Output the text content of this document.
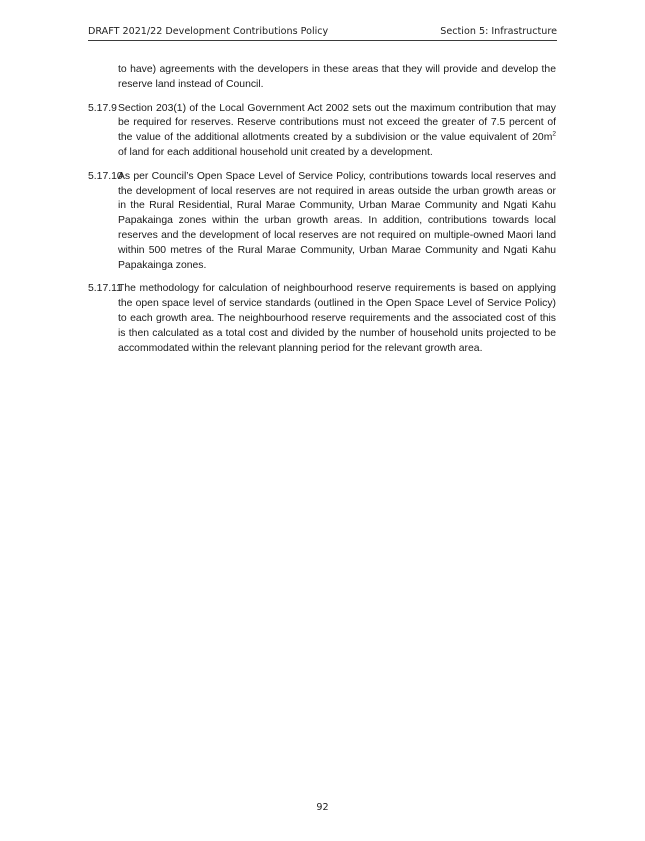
DRAFT 2021/22 Development Contributions Policy	Section 5: Infrastructure

to have) agreements with the developers in these areas that they will provide and develop the reserve land instead of Council.

5.17.9 Section 203(1) of the Local Government Act 2002 sets out the maximum contribution that may be required for reserves. Reserve contributions must not exceed the greater of 7.5 percent of the value of the additional allotments created by a subdivision or the value equivalent of $20m^2$ of land for each additional household unit created by a development.
5.17.10
As per Council’s Open Space Level of Service Policy, contributions towards local reserves and the development of local reserves are not required in areas outside the urban growth areas or in the Rural Residential, Rural Marae Community, Urban Marae Community and Ngati Kahu Papakainga zones within the urban growth areas. In addition, contributions towards local reserves and the development of local reserves are not required on multiple-owned Maori land within 500 metres of the Rural Marae Community, Urban Marae Community and Ngati Kahu Papakainga zones.
5.17.11
The methodology for calculation of neighbourhood reserve requirements is based on applying the open space level of service standards (outlined in the Open Space Level of Service Policy) to each growth area. The neighbourhood reserve requirements and the associated cost of this is then calculated as a total cost and divided by the number of household units projected to be accommodated within the relevant planning period for the relevant growth area.
92
